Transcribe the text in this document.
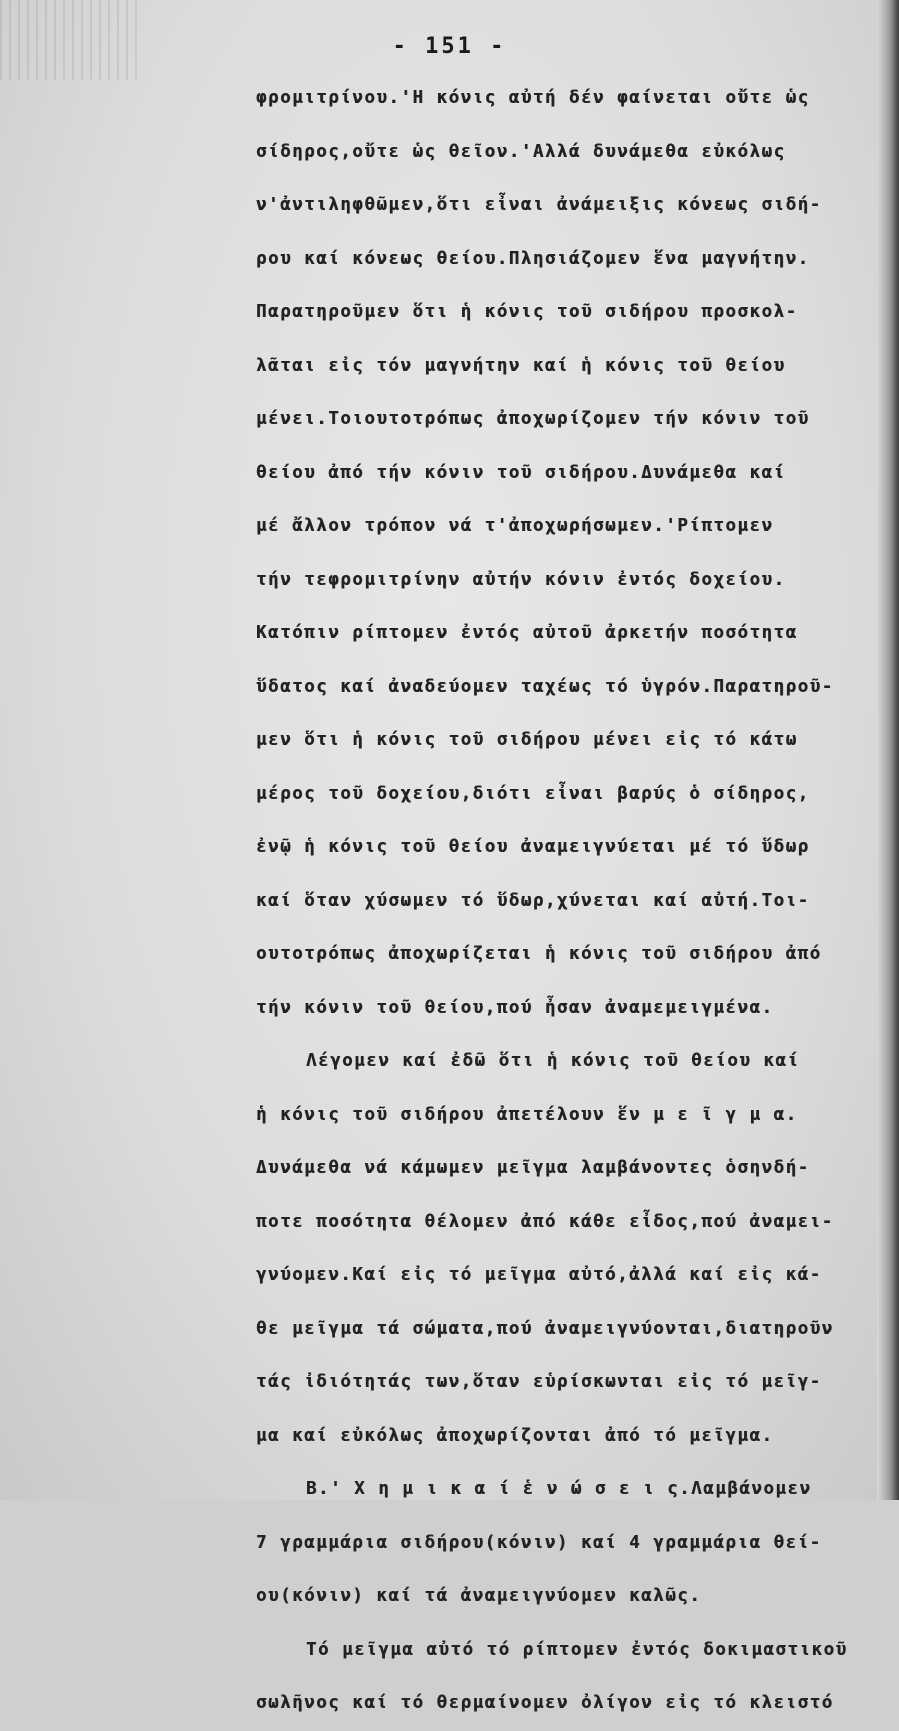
- 151 -
φρομιτρίνου.'Η κόνις αὐτή δέν φαίνεται οὔτε ὡς
σίδηρος,οὔτε ὡς θεῖον.'Αλλά δυνάμεθα εὐκόλως
ν'ἀντιληφθῶμεν,ὅτι εἶναι ἀνάμειξις κόνεως σιδή-
ρου καί κόνεως θείου.Πλησιάζομεν ἕνα μαγνήτην.
Παρατηροῦμεν ὅτι ἡ κόνις τοῦ σιδήρου προσκολ-
λᾶται εἰς τόν μαγνήτην καί ἡ κόνις τοῦ θείου
μένει.Τοιουτοτρόπως ἀποχωρίζομεν τήν κόνιν τοῦ
θείου ἀπό τήν κόνιν τοῦ σιδήρου.Δυνάμεθα καί
μέ ἄλλον τρόπον νά τ'ἀποχωρήσωμεν.'Ρίπτομεν
τήν τεφρομιτρίνην αὐτήν κόνιν ἐντός δοχείου.
Κατόπιν ρίπτομεν ἐντός αὐτοῦ ἀρκετήν ποσότητα
ὕδατος καί ἀναδεύομεν ταχέως τό ὑγρόν.Παρατηροῦ-
μεν ὅτι ἡ κόνις τοῦ σιδήρου μένει εἰς τό κάτω
μέρος τοῦ δοχείου,διότι εἶναι βαρύς ὁ σίδηρος,
ἐνῷ ἡ κόνις τοῦ θείου ἀναμειγνύεται μέ τό ὕδωρ
καί ὅταν χύσωμεν τό ὕδωρ,χύνεται καί αὐτή.Τοι-
ουτοτρόπως ἀποχωρίζεται ἡ κόνις τοῦ σιδήρου ἀπό
τήν κόνιν τοῦ θείου,πού ἦσαν ἀναμεμειγμένα.
Λέγομεν καί ἐδῶ ὅτι ἡ κόνις τοῦ θείου καί
ἡ κόνις τοῦ σιδήρου ἀπετέλουν ἕν μ ε ῖ γ μ α.
Δυνάμεθα νά κάμωμεν μεῖγμα λαμβάνοντες ὁσηνδή-
ποτε ποσότητα θέλομεν ἀπό κάθε εἶδος,πού ἀναμει-
γνύομεν.Καί εἰς τό μεῖγμα αὐτό,ἀλλά καί εἰς κά-
θε μεῖγμα τά σώματα,πού ἀναμειγνύονται,διατηροῦν
τάς ἰδιότητάς των,ὅταν εὑρίσκωνται εἰς τό μεῖγ-
μα καί εὐκόλως ἀποχωρίζονται ἀπό τό μεῖγμα.
Β.' Χ η μ ι κ α ί ἑ ν ώ σ ε ι ς.Λαμβάνομεν
7 γραμμάρια σιδήρου(κόνιν) καί 4 γραμμάρια θεί-
ου(κόνιν) καί τά ἀναμειγνύομεν καλῶς.
Τό μεῖγμα αὐτό τό ρίπτομεν ἐντός δοκιμαστικοῦ
σωλῆνος καί τό θερμαίνομεν ὀλίγον εἰς τό κλειστό
